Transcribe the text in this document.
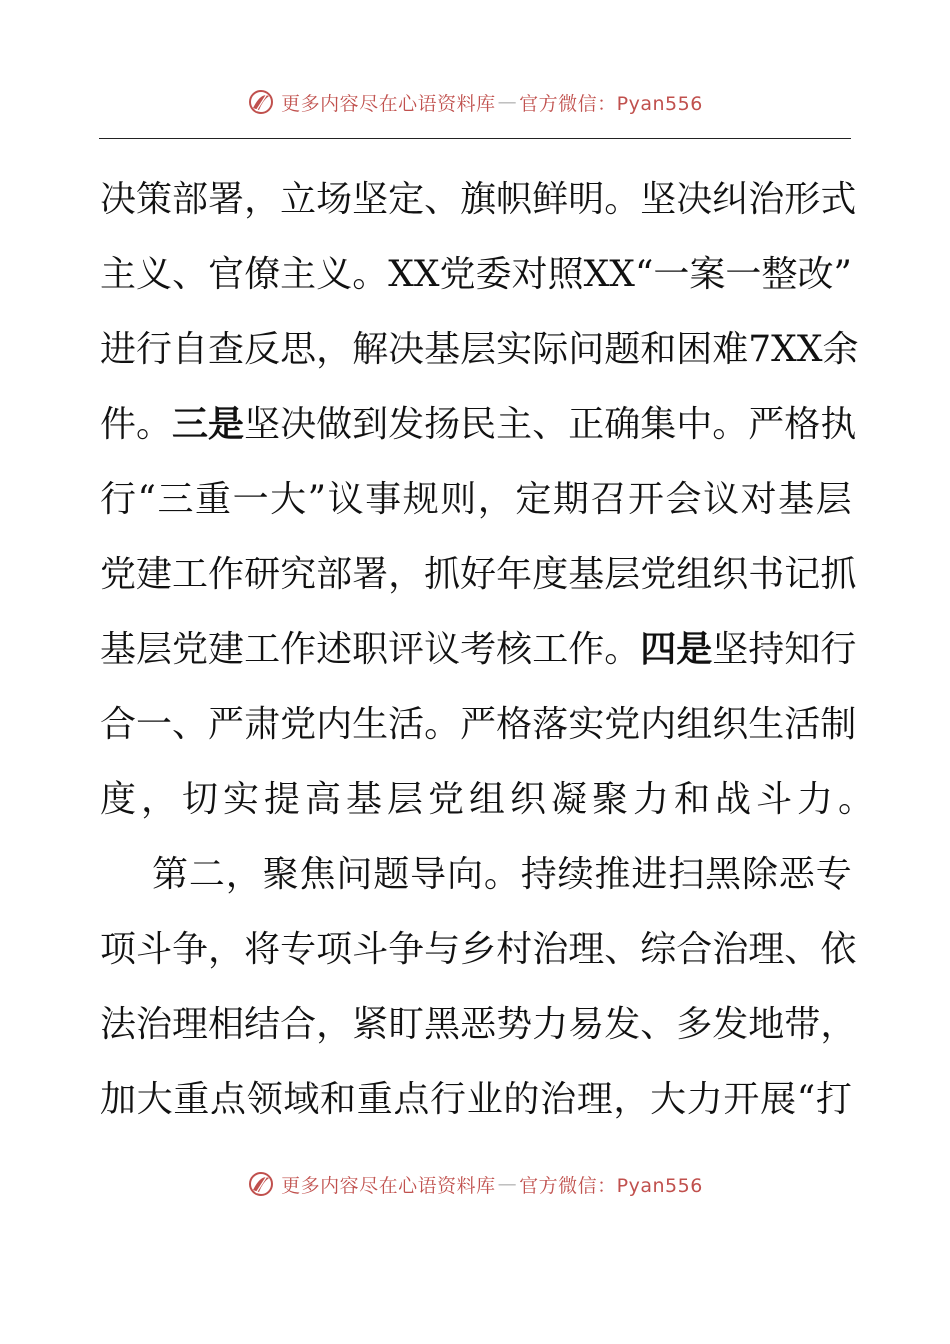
更多内容尽在心语资料库 — 官方微信：Pyan556
决 策 部 署 ， 立 场 坚 定 、 旗 帜 鲜 明 。 坚 决 纠 治 形 式
主 义 、 官 僚 主 义 。 XX 党 委 对 照 XX “ 一 案 一 整 改 ”
进 行 自 查 反 思 ， 解 决 基 层 实 际 问 题 和 困 难 7XX 余
件 。 三 是 坚 决 做 到 发 扬 民 主 、 正 确 集 中 。 严 格 执
行 “ 三 重 一 大 ” 议 事 规 则 ， 定 期 召 开 会 议 对 基 层
党 建 工 作 研 究 部 署 ， 抓 好 年 度 基 层 党 组 织 书 记 抓
基 层 党 建 工 作 述 职 评 议 考 核 工 作 。 四 是 坚 持 知 行
合 一 、 严 肃 党 内 生 活 。 严 格 落 实 党 内 组 织 生 活 制
度，切实提高基层党组织凝聚力和战斗力。
第 二 ， 聚 焦 问 题 导 向 。 持 续 推 进 扫 黑 除 恶 专
项 斗 争 ， 将 专 项 斗 争 与 乡 村 治 理 、 综 合 治 理 、 依
法 治 理 相 结 合 ， 紧 盯 黑 恶 势 力 易 发 、 多 发 地 带 ，
加 大 重 点 领 域 和 重 点 行 业 的 治 理 ， 大 力 开 展 “ 打
更多内容尽在心语资料库 — 官方微信：Pyan556
